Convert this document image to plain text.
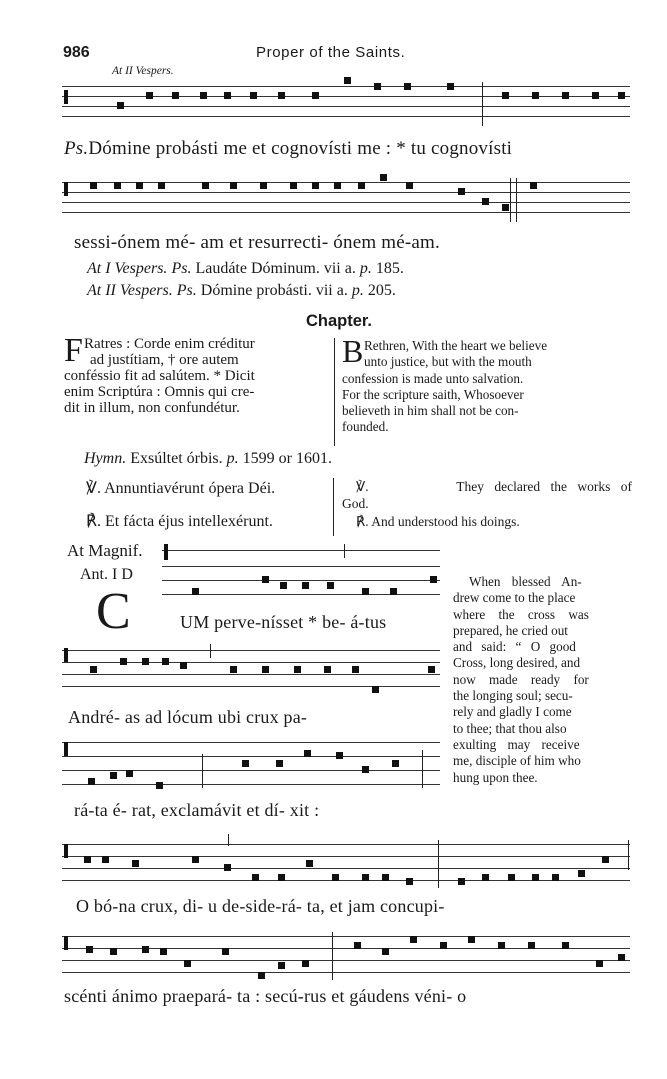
986	Proper of the Saints.
At II Vespers.
Ps.Dómine probásti me et cognovísti me : * tu cognovísti
sessi-ónem mé- am et resurrecti- ónem mé-am.
At I Vespers. Ps. Laudáte Dóminum. vii a. p. 185.
At II Vespers. Ps. Dómine probásti. vii a. p. 205.
Chapter.
F Ratres : Corde enim créditur
ad justítiam, † ore autem
conféssio fit ad salútem. * Dicit
enim Scriptúra : Omnis qui cre-
dit in illum, non confundétur.
B Rethren, With the heart we believe
unto justice, but with the mouth
confession is made unto salvation.
For the scripture saith, Whosoever
believeth in him shall not be con-
founded.
Hymn. Exsúltet órbis. p. 1599 or 1601.
℣. Annuntiavérunt ópera Déi.
℟. Et fácta éjus intellexérunt.
℣.	They declared the works of
God.
℟. And understood his doings.
At Magnif.
Ant. I D
C	UM perve-nísset * be- á-tus
André- as ad lócum ubi crux pa-
rá-ta é- rat, exclamávit et dí- xit :
When blessed An-
drew come to the place
where the cross was
prepared, he cried out
and said: “ O good
Cross, long desired, and
now made ready for
the longing soul; secu-
rely and gladly I come
to thee; that thou also
exulting may receive
me, disciple of him who
hung upon thee.
O bó-na crux, di- u de-side-rá- ta, et jam concupi-
scénti ánimo praepará- ta : secú-rus et gáudens véni- o
